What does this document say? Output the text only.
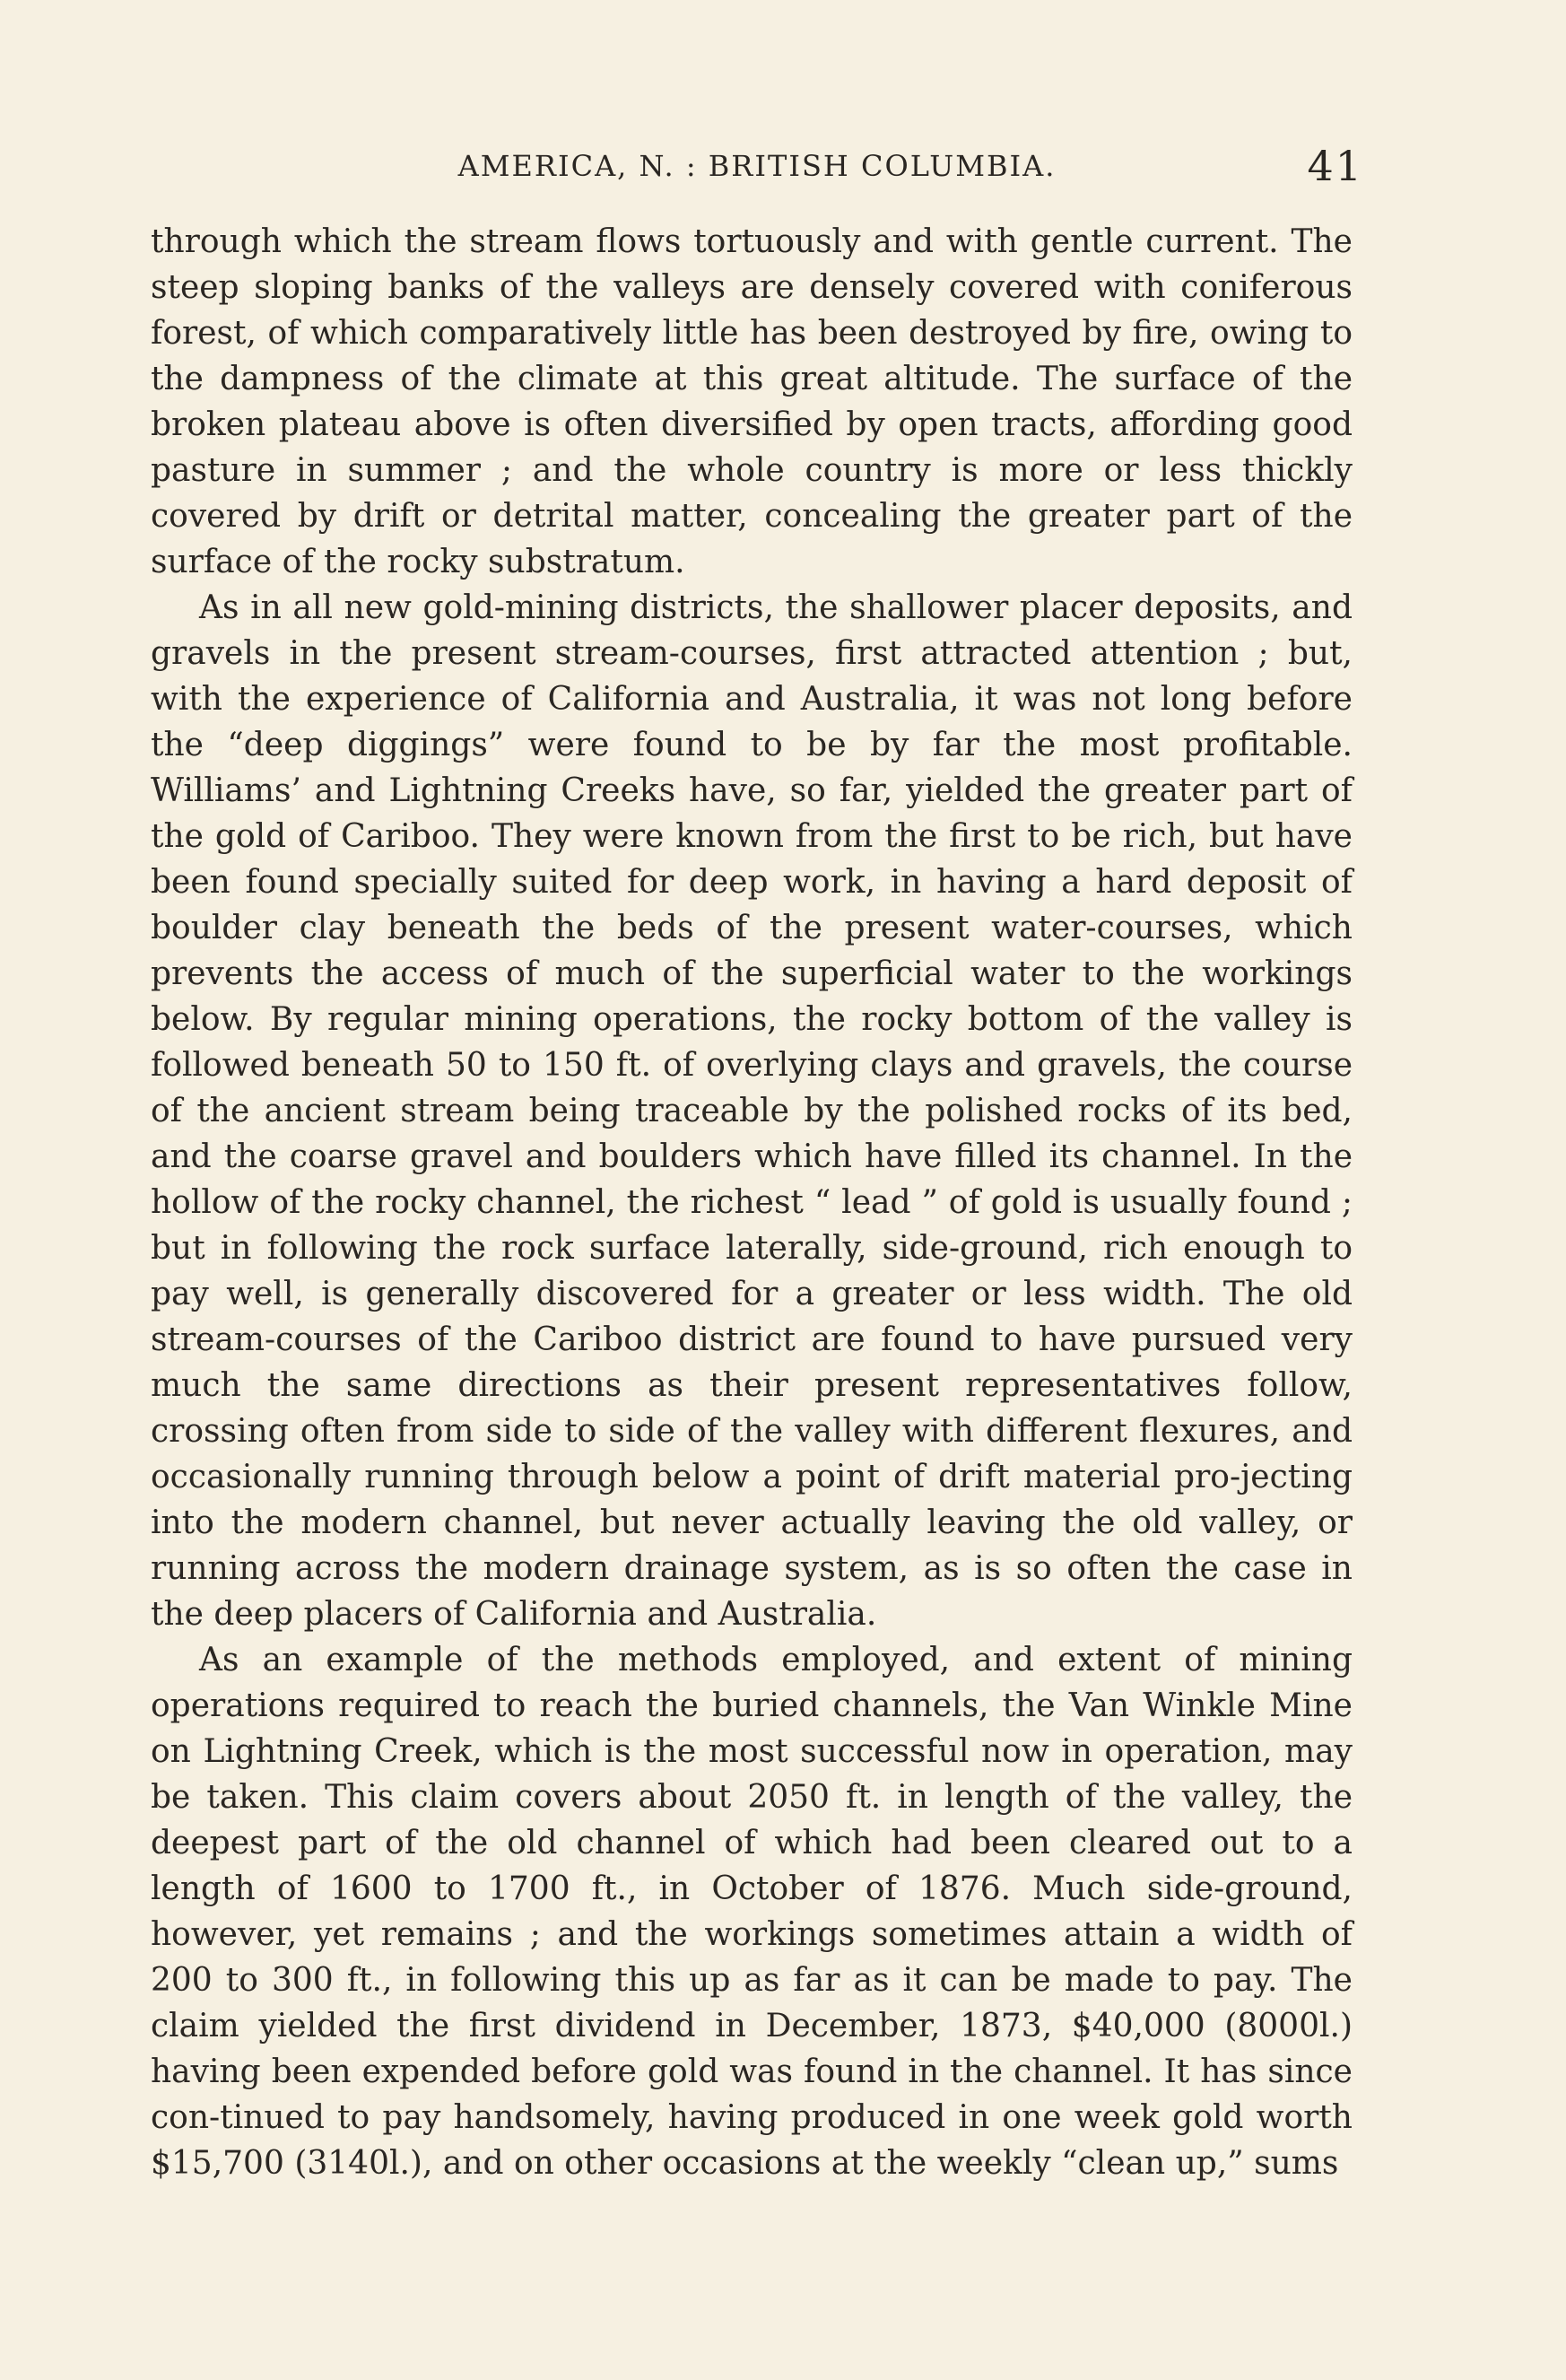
AMERICA, N. : BRITISH COLUMBIA.	41

through which the stream flows tortuously and with gentle current. The steep sloping banks of the valleys are densely covered with coniferous forest, of which comparatively little has been destroyed by fire, owing to the dampness of the climate at this great altitude. The surface of the broken plateau above is often diversified by open tracts, affording good pasture in summer ; and the whole country is more or less thickly covered by drift or detrital matter, concealing the greater part of the surface of the rocky substratum.

As in all new gold-mining districts, the shallower placer deposits, and gravels in the present stream-courses, first attracted attention ; but, with the experience of California and Australia, it was not long before the “deep diggings” were found to be by far the most profitable. Williams’ and Lightning Creeks have, so far, yielded the greater part of the gold of Cariboo. They were known from the first to be rich, but have been found specially suited for deep work, in having a hard deposit of boulder clay beneath the beds of the present water-courses, which prevents the access of much of the superficial water to the workings below. By regular mining operations, the rocky bottom of the valley is followed beneath 50 to 150 ft. of overlying clays and gravels, the course of the ancient stream being traceable by the polished rocks of its bed, and the coarse gravel and boulders which have filled its channel. In the hollow of the rocky channel, the richest “ lead ” of gold is usually found ; but in following the rock surface laterally, side-ground, rich enough to pay well, is generally discovered for a greater or less width. The old stream-courses of the Cariboo district are found to have pursued very much the same directions as their present representatives follow, crossing often from side to side of the valley with different flexures, and occasionally running through below a point of drift material pro-jecting into the modern channel, but never actually leaving the old valley, or running across the modern drainage system, as is so often the case in the deep placers of California and Australia.

As an example of the methods employed, and extent of mining operations required to reach the buried channels, the Van Winkle Mine on Lightning Creek, which is the most successful now in operation, may be taken. This claim covers about 2050 ft. in length of the valley, the deepest part of the old channel of which had been cleared out to a length of 1600 to 1700 ft., in October of 1876. Much side-ground, however, yet remains ; and the workings sometimes attain a width of 200 to 300 ft., in following this up as far as it can be made to pay. The claim yielded the first dividend in December, 1873, $40,000 (8000l.) having been expended before gold was found in the channel. It has since con-tinued to pay handsomely, having produced in one week gold worth $15,700 (3140l.), and on other occasions at the weekly “clean up,” sums
